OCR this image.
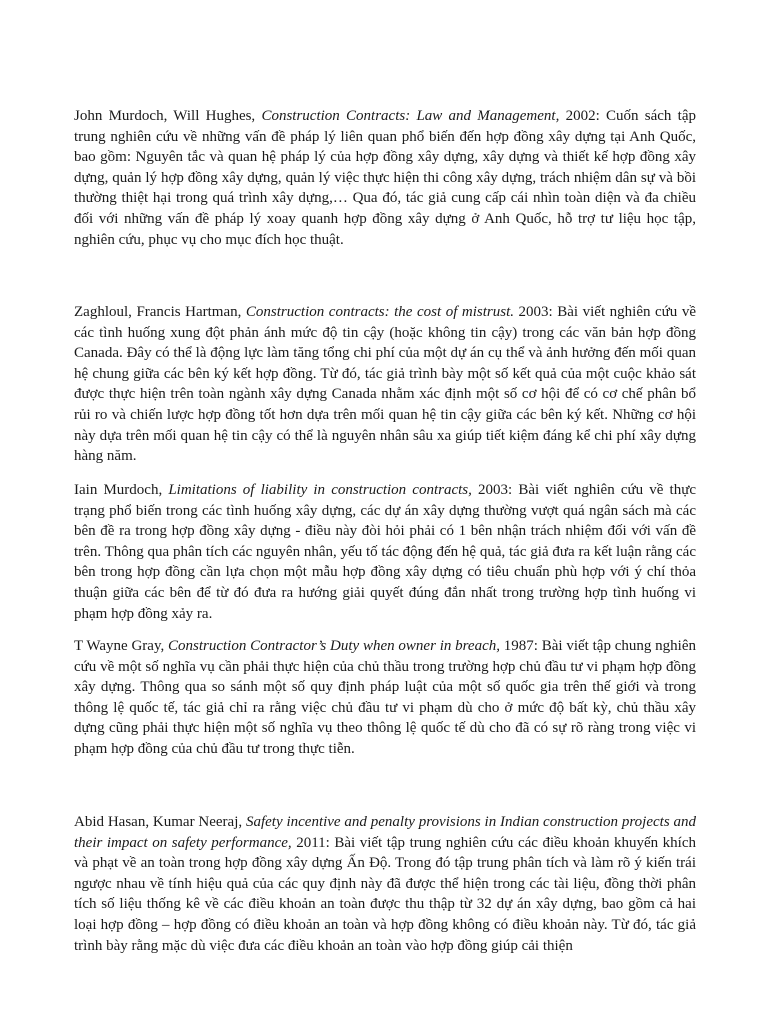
John Murdoch, Will Hughes, Construction Contracts: Law and Management, 2002: Cuốn sách tập trung nghiên cứu về những vấn đề pháp lý liên quan phổ biến đến hợp đồng xây dựng tại Anh Quốc, bao gồm: Nguyên tắc và quan hệ pháp lý của hợp đồng xây dựng, xây dựng và thiết kế hợp đồng xây dựng, quản lý hợp đồng xây dựng, quản lý việc thực hiện thi công xây dựng, trách nhiệm dân sự và bồi thường thiệt hại trong quá trình xây dựng,… Qua đó, tác giả cung cấp cái nhìn toàn diện và đa chiều đối với những vấn đề pháp lý xoay quanh hợp đồng xây dựng ở Anh Quốc, hỗ trợ tư liệu học tập, nghiên cứu, phục vụ cho mục đích học thuật.

Zaghloul, Francis Hartman, Construction contracts: the cost of mistrust. 2003: Bài viết nghiên cứu về các tình huống xung đột phản ánh mức độ tin cậy (hoặc không tin cậy) trong các văn bản hợp đồng Canada. Đây có thể là động lực làm tăng tổng chi phí của một dự án cụ thể và ảnh hưởng đến mối quan hệ chung giữa các bên ký kết hợp đồng. Từ đó, tác giả trình bày một số kết quả của một cuộc khảo sát được thực hiện trên toàn ngành xây dựng Canada nhằm xác định một số cơ hội để có cơ chế phân bổ rủi ro và chiến lược hợp đồng tốt hơn dựa trên mối quan hệ tin cậy giữa các bên ký kết. Những cơ hội này dựa trên mối quan hệ tin cậy có thể là nguyên nhân sâu xa giúp tiết kiệm đáng kể chi phí xây dựng hàng năm.

Iain Murdoch, Limitations of liability in construction contracts, 2003: Bài viết nghiên cứu về thực trạng phổ biến trong các tình huống xây dựng, các dự án xây dựng thường vượt quá ngân sách mà các bên đề ra trong hợp đồng xây dựng - điều này đòi hỏi phải có 1 bên nhận trách nhiệm đối với vấn đề trên. Thông qua phân tích các nguyên nhân, yếu tố tác động đến hệ quả, tác giả đưa ra kết luận rằng các bên trong hợp đồng cần lựa chọn một mẫu hợp đồng xây dựng có tiêu chuẩn phù hợp với ý chí thỏa thuận giữa các bên để từ đó đưa ra hướng giải quyết đúng đắn nhất trong trường hợp tình huống vi phạm hợp đồng xảy ra.

T Wayne Gray, Construction Contractor’s Duty when owner in breach, 1987: Bài viết tập chung nghiên cứu về một số nghĩa vụ cần phải thực hiện của chủ thầu trong trường hợp chủ đầu tư vi phạm hợp đồng xây dựng. Thông qua so sánh một số quy định pháp luật của một số quốc gia trên thế giới và trong thông lệ quốc tế, tác giả chỉ ra rằng việc chủ đầu tư vi phạm dù cho ở mức độ bất kỳ, chủ thầu xây dựng cũng phải thực hiện một số nghĩa vụ theo thông lệ quốc tế dù cho đã có sự rõ ràng trong việc vi phạm hợp đồng của chủ đầu tư trong thực tiễn.

Abid Hasan, Kumar Neeraj, Safety incentive and penalty provisions in Indian construction projects and their impact on safety performance, 2011: Bài viết tập trung nghiên cứu các điều khoản khuyến khích và phạt về an toàn trong hợp đồng xây dựng Ấn Độ. Trong đó tập trung phân tích và làm rõ ý kiến trái ngược nhau về tính hiệu quả của các quy định này đã được thể hiện trong các tài liệu, đồng thời phân tích số liệu thống kê về các điều khoản an toàn được thu thập từ 32 dự án xây dựng, bao gồm cả hai loại hợp đồng – hợp đồng có điều khoản an toàn và hợp đồng không có điều khoản này. Từ đó, tác giả trình bày rằng mặc dù việc đưa các điều khoản an toàn vào hợp đồng giúp cải thiện
